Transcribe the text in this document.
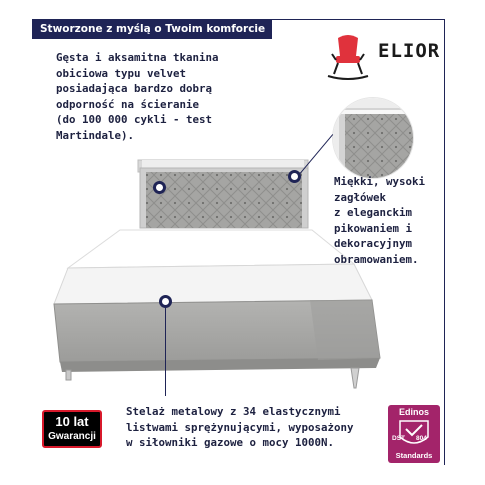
Stworzone z myślą o Twoim komforcie
ELIOR
Gęsta i aksamitna tkanina
obiciowa typu velvet
posiadająca bardzo dobrą
odporność na ścieranie
(do 100 000 cykli - test
Martindale).
Miękki, wysoki
zagłówek
z eleganckim
pikowaniem i
dekoracyjnym
obramowaniem.
Stelaż metalowy z 34 elastycznymi
listwami sprężynującymi, wyposażony
w siłowniki gazowe o mocy 1000N.
10 lat
Gwarancji
Edinos
DST 804
Standards
